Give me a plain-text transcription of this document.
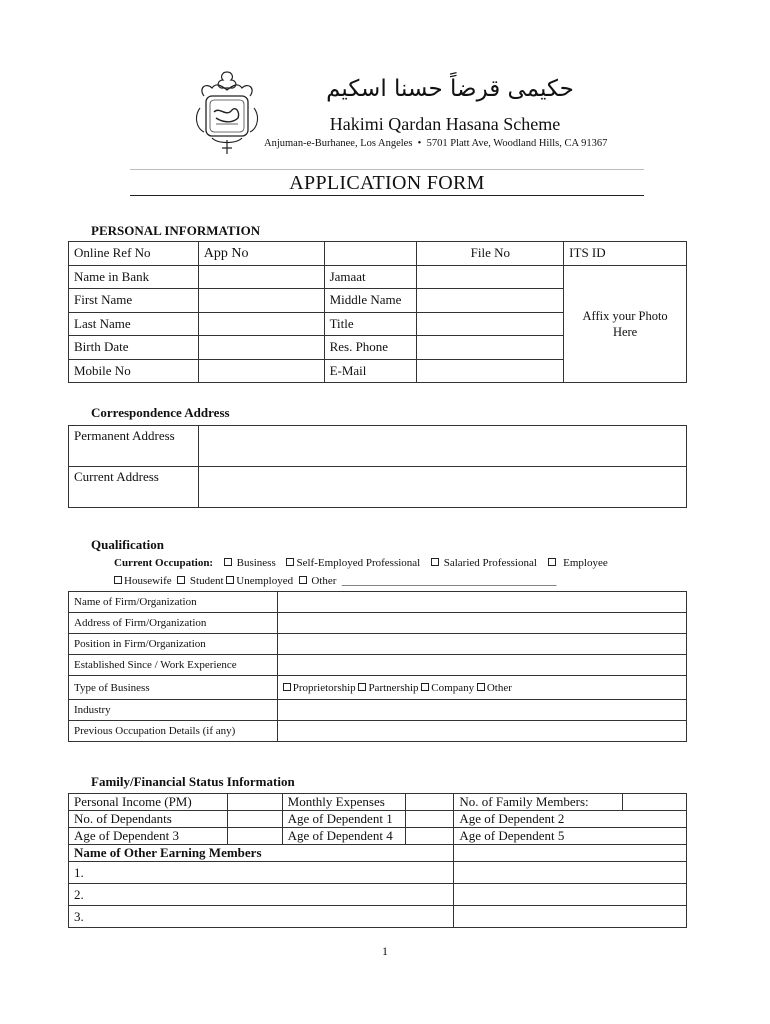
حکیمی قرضاً حسنا اسکیم
Hakimi Qardan Hasana Scheme
Anjuman-e-Burhanee, Los Angeles • 5701 Platt Ave, Woodland Hills, CA 91367
APPLICATION FORM
PERSONAL INFORMATION
Online Ref No	App No		File No	ITS ID
Name in Bank		Jamaat		Affix your Photo
Here

First Name		Middle Name		
Last Name		Title		
Birth Date		Res. Phone		
Mobile No		E-Mail		
Correspondence Address
Permanent Address	
Current Address	
Qualification
Current Occupation: Business Self-Employed Professional Salaried Professional Employee
Housewife Student Unemployed Other _______________________________________
Name of Firm/Organization	
Address of Firm/Organization	
Position in Firm/Organization	
Established Since / Work Experience	
Type of Business	Proprietorship Partnership Company Other
Industry	
Previous Occupation Details (if any)	
Family/Financial Status Information
Personal Income (PM)		Monthly Expenses		No. of Family Members:	
No. of Dependants		Age of Dependent 1		Age of Dependent 2	
Age of Dependent 3		Age of Dependent 4		Age of Dependent 5	
Name of Other Earning Members					
1.					
2.					
3.					
1
